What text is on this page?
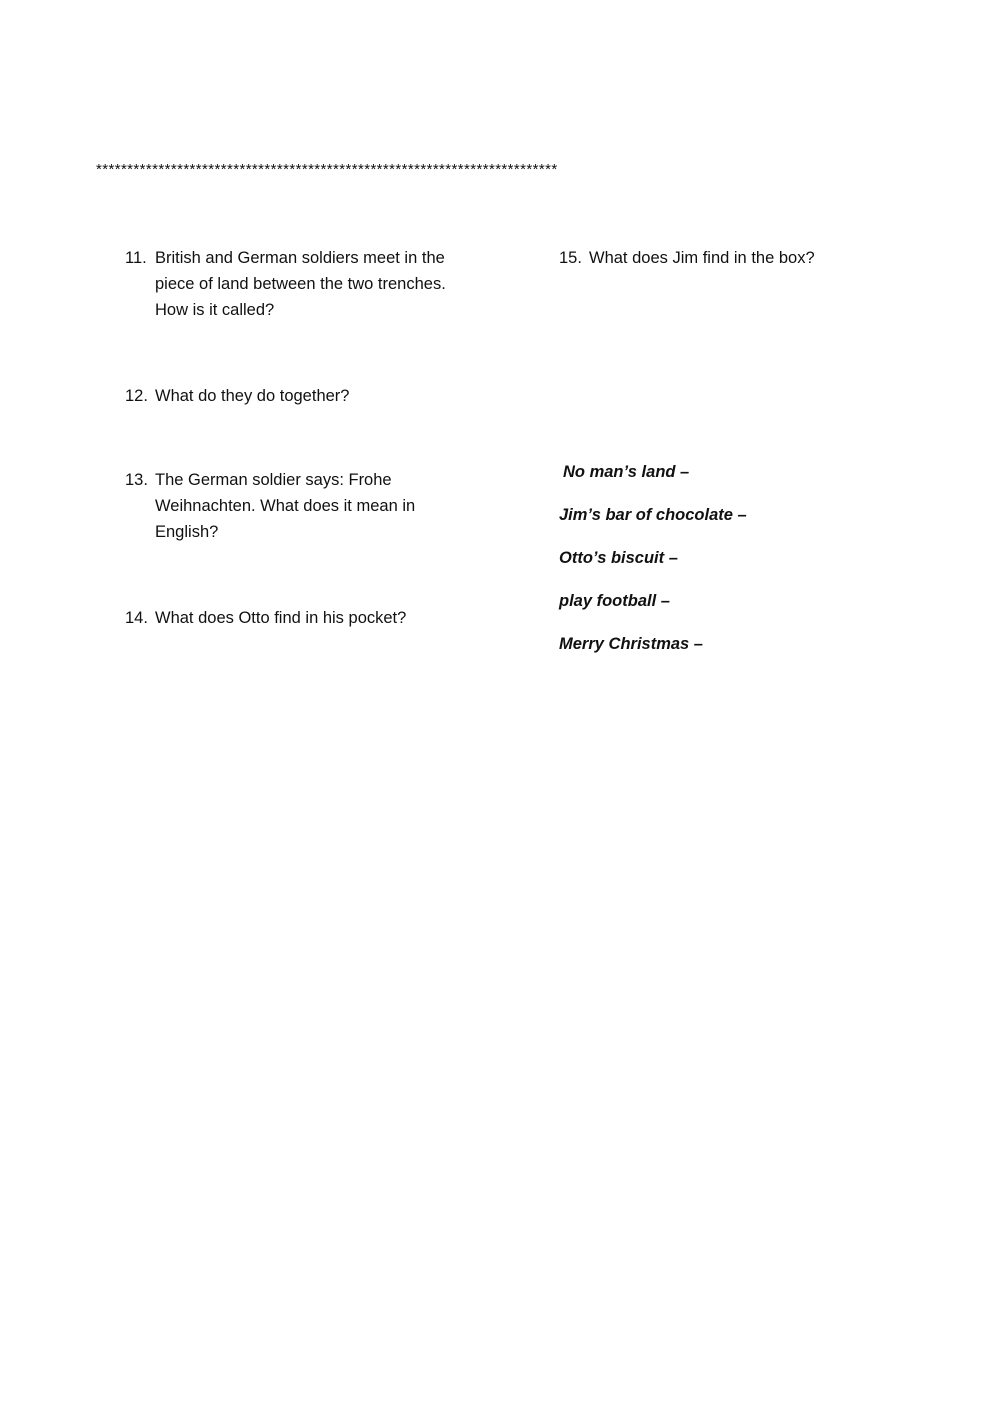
**************************************************************************
11. British and German soldiers meet in the piece of land between the two trenches. How is it called?
12. What do they do together?
13. The German soldier says: Frohe Weihnachten. What does it mean in English?
14. What does Otto find in his pocket?
15. What does Jim find in the box?
No man’s land –
Jim’s bar of chocolate –
Otto’s biscuit –
play football –
Merry Christmas –
